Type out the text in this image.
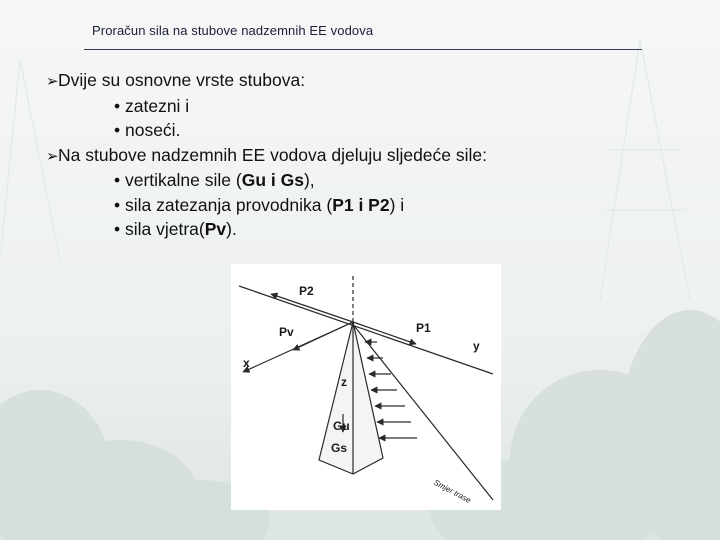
Proračun sila na stubove nadzemnih EE vodova
➢Dvije su osnovne vrste stubova:
• zatezni i
• noseći.
➢Na stubove nadzemnih EE vodova djeluju sljedeće sile:
• vertikalne sile (Gu i Gs),
• sila zatezanja provodnika (P1 i P2) i
• sila vjetra(Pv).
P2
P1
Pv
x
y
z
Gu
Gs
Smjer trase
